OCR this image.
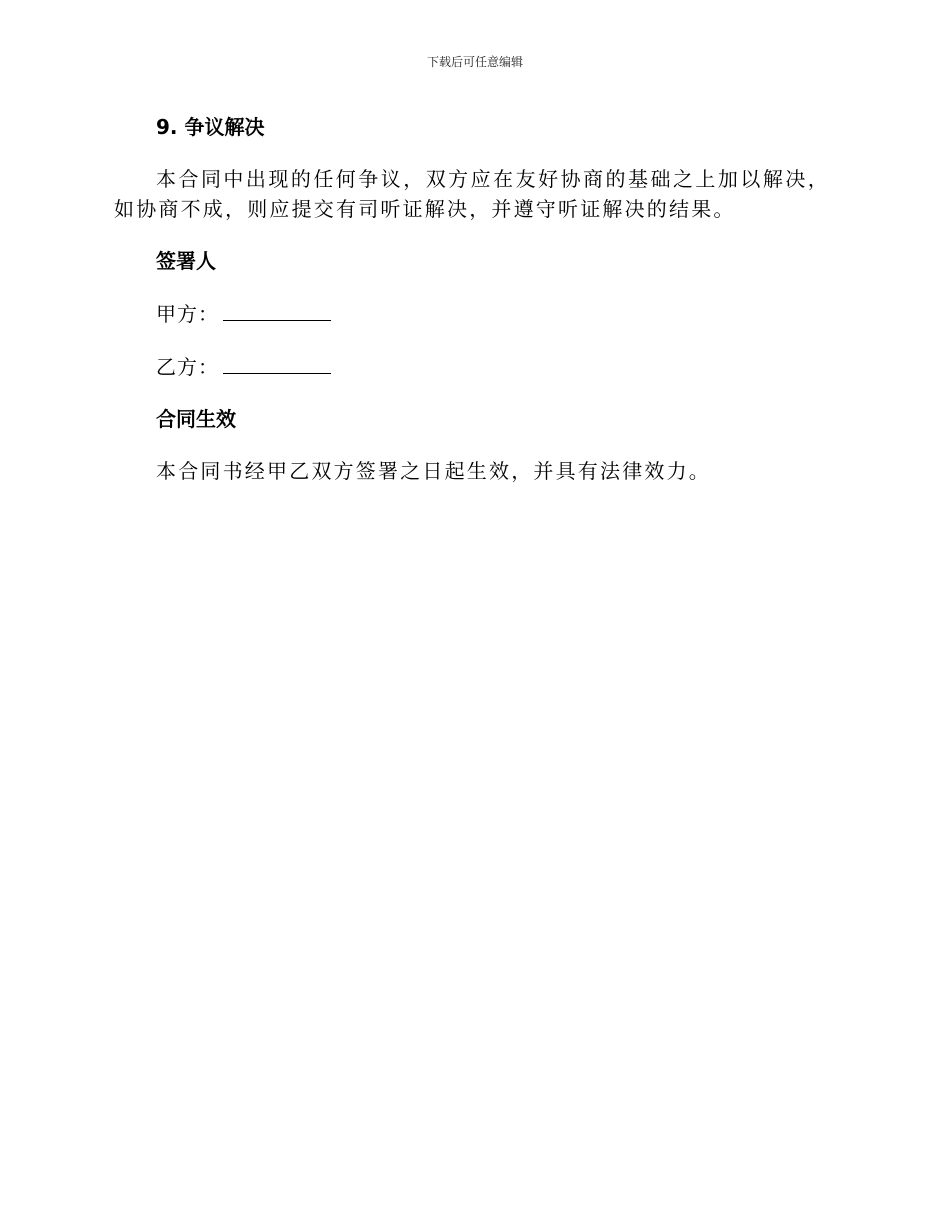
下载后可任意编辑
9. 争议解决

本合同中出现的任何争议，双方应在友好协商的基础之上加以解决，如协商不成，则应提交有司听证解决，并遵守听证解决的结果。

签署人
甲方：
乙方：
合同生效

本合同书经甲乙双方签署之日起生效，并具有法律效力。
